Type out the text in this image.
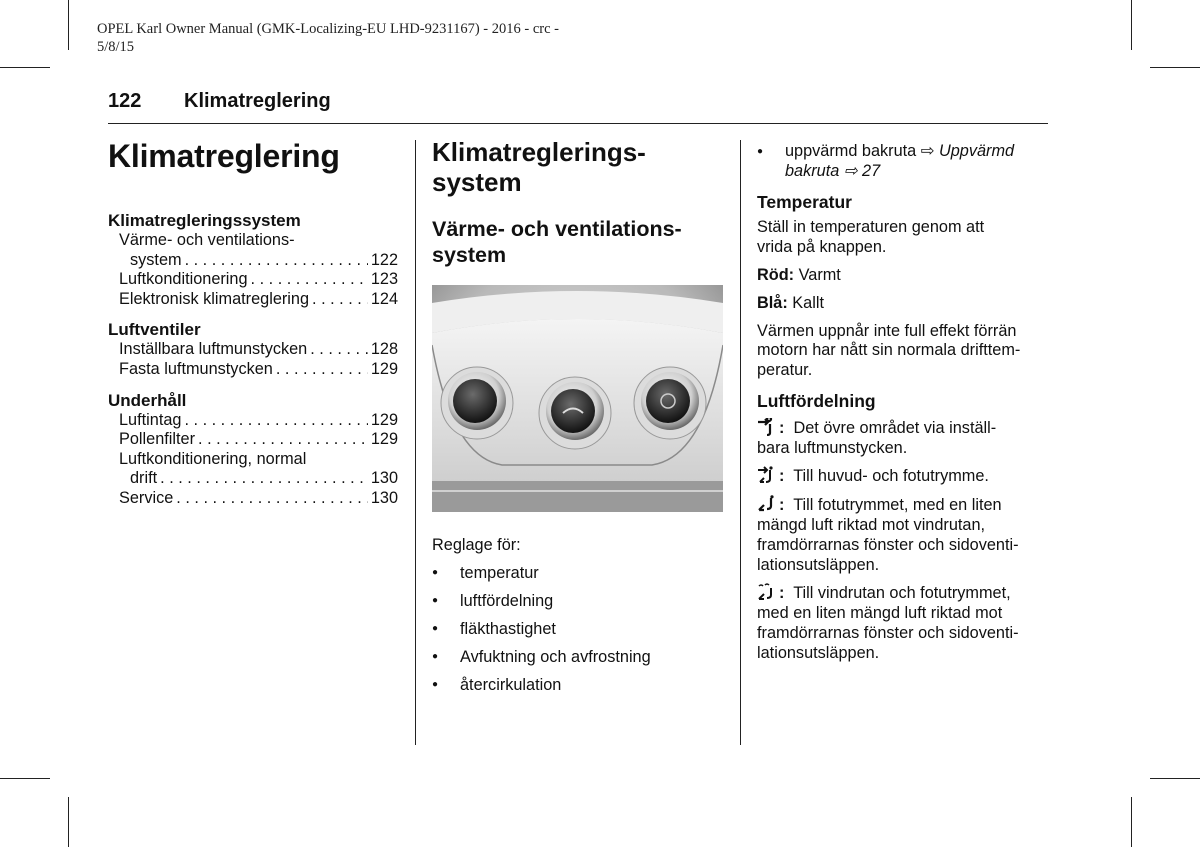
OPEL Karl Owner Manual (GMK-Localizing-EU LHD-9231167) - 2016 - crc -
5/8/15
122 Klimatreglering
Klimatreglering
Klimatregleringssystem
Värme- och ventilations-
system . . .	122
Luftkonditionering . . .	123
Elektronisk klimatreglering . . .	124
Luftventiler
Inställbara luftmunstycken . . .	128
Fasta luftmunstycken . . .	129
Underhåll
Luftintag . . .	129
Pollenfilter . . .	129
Luftkonditionering, normal
drift . . .	130
Service . . .	130
Klimatreglerings-
system
Värme- och ventilations-
system
Reglage för:
● temperatur
● luftfördelning
● fläkthastighet
● Avfuktning och avfrostning
● återcirkulation

● uppvärmd bakruta ⇨ Uppvärmd
bakruta ⇨ 27

Temperatur

Ställ in temperaturen genom att
vrida på knappen.

Röd: Varmt

Blå: Kallt

Värmen uppnår inte full effekt förrän
motorn har nått sin normala drifttem-
peratur.

Luftfördelning

: Det övre området via inställ-
bara luftmunstycken.

: Till huvud- och fotutrymme.

: Till fotutrymmet, med en liten
mängd luft riktad mot vindrutan,
framdörrarnas fönster och sidoventi-
lationsutsläppen.

: Till vindrutan och fotutrymmet,
med en liten mängd luft riktad mot
framdörrarnas fönster och sidoventi-
lationsutsläppen.
